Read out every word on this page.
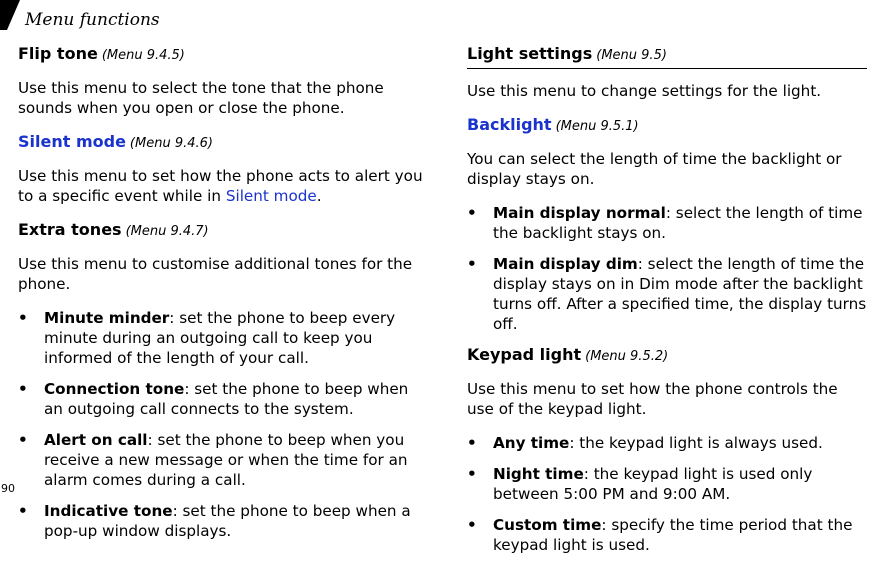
Menu functions
90
Flip tone (Menu 9.4.5)

Use this menu to select the tone that the phone sounds when you open or close the phone.

Silent mode (Menu 9.4.6)

Use this menu to set how the phone acts to alert you to a specific event while in Silent mode.

Extra tones (Menu 9.4.7)

Use this menu to customise additional tones for the phone.

• Minute minder: set the phone to beep every minute during an outgoing call to keep you informed of the length of your call.
• Connection tone: set the phone to beep when an outgoing call connects to the system.
• Alert on call: set the phone to beep when you receive a new message or when the time for an alarm comes during a call.
• Indicative tone: set the phone to beep when a pop-up window displays.
Light settings (Menu 9.5)

Use this menu to change settings for the light.

Backlight (Menu 9.5.1)

You can select the length of time the backlight or display stays on.

• Main display normal: select the length of time the backlight stays on.
• Main display dim: select the length of time the display stays on in Dim mode after the backlight turns off. After a specified time, the display turns off.
Keypad light (Menu 9.5.2)

Use this menu to set how the phone controls the use of the keypad light.

• Any time: the keypad light is always used.
• Night time: the keypad light is used only between 5:00 PM and 9:00 AM.
• Custom time: specify the time period that the keypad light is used.
